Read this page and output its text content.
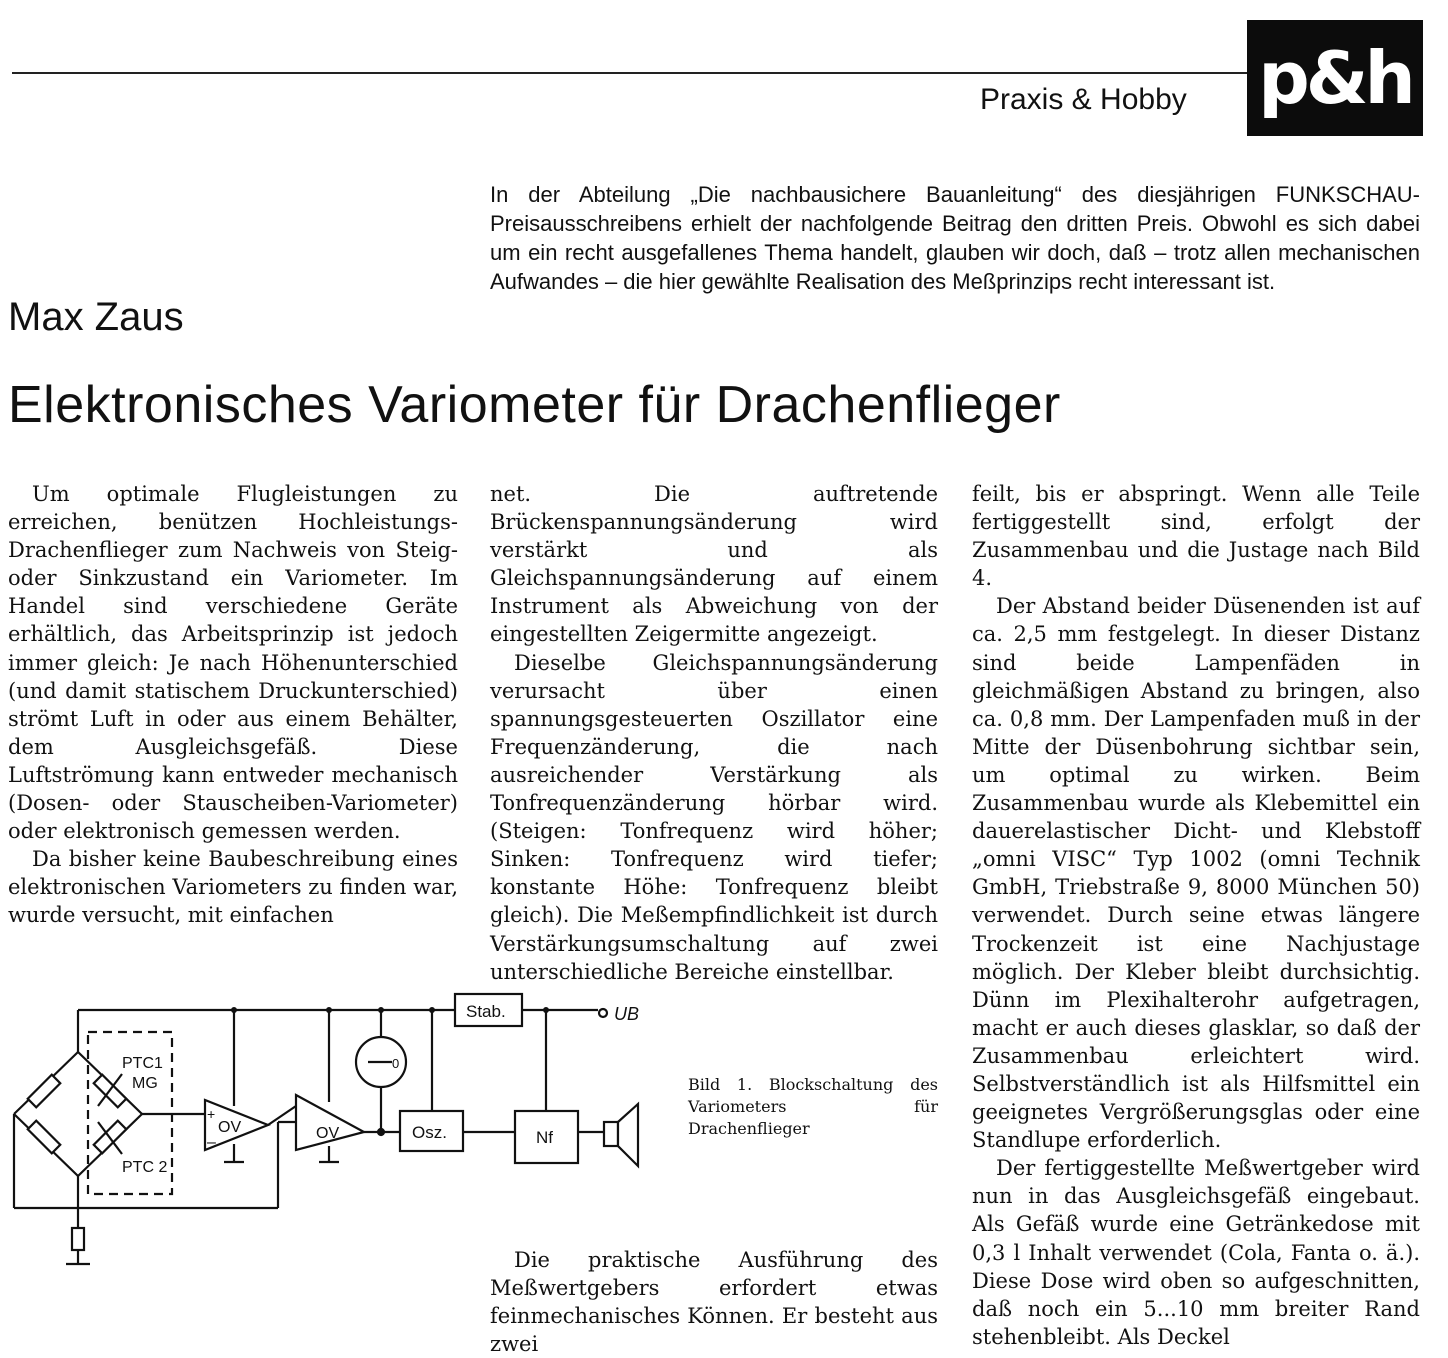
Praxis & Hobby p&h
In der Abteilung „Die nachbausichere Bauanleitung“ des diesjährigen FUNKSCHAU-Preisausschreibens erhielt der nachfolgende Beitrag den dritten Preis. Obwohl es sich dabei um ein recht ausgefallenes Thema handelt, glauben wir doch, daß – trotz allen mechanischen Aufwandes – die hier gewählte Realisation des Meßprinzips recht interessant ist.
Max Zaus
Elektronisches Variometer für Drachenflieger

Um optimale Flugleistungen zu erreichen, benützen Hochleistungs-Drachenflieger zum Nachweis von Steig- oder Sinkzustand ein Variometer. Im Handel sind verschiedene Geräte erhältlich, das Arbeitsprinzip ist jedoch immer gleich: Je nach Höhenunterschied (und damit statischem Druckunterschied) strömt Luft in oder aus einem Behälter, dem Ausgleichsgefäß. Diese Luftströmung kann entweder mechanisch (Dosen- oder Stauscheiben-Variometer) oder elektronisch gemessen werden.

Da bisher keine Baubeschreibung eines elektronischen Variometers zu finden war, wurde versucht, mit einfachen

net. Die auftretende Brückenspannungsänderung wird verstärkt und als Gleichspannungsänderung auf einem Instrument als Abweichung von der eingestellten Zeigermitte angezeigt.

Dieselbe Gleichspannungsänderung verursacht über einen spannungsgesteuerten Oszillator eine Frequenzänderung, die nach ausreichender Verstärkung als Tonfrequenzänderung hörbar wird. (Steigen: Tonfrequenz wird höher; Sinken: Tonfrequenz wird tiefer; konstante Höhe: Tonfrequenz bleibt gleich). Die Meßempfindlichkeit ist durch Verstärkungsumschaltung auf zwei unterschiedliche Bereiche einstellbar.

Die praktische Ausführung des Meßwertgebers erfordert etwas feinmechanisches Können. Er besteht aus zwei

feilt, bis er abspringt. Wenn alle Teile fertiggestellt sind, erfolgt der Zusammenbau und die Justage nach Bild 4.

Der Abstand beider Düsenenden ist auf ca. 2,5 mm festgelegt. In dieser Distanz sind beide Lampenfäden in gleichmäßigen Abstand zu bringen, also ca. 0,8 mm. Der Lampenfaden muß in der Mitte der Düsenbohrung sichtbar sein, um optimal zu wirken. Beim Zusammenbau wurde als Klebemittel ein dauerelastischer Dicht- und Klebstoff „omni VISC“ Typ 1002 (omni Technik GmbH, Triebstraße 9, 8000 München 50) verwendet. Durch seine etwas längere Trockenzeit ist eine Nachjustage möglich. Der Kleber bleibt durchsichtig. Dünn im Plexihalterohr aufgetragen, macht er auch dieses glasklar, so daß der Zusammenbau erleichtert wird. Selbstverständlich ist als Hilfsmittel ein geeignetes Vergrößerungsglas oder eine Standlupe erforderlich.

Der fertiggestellte Meßwertgeber wird nun in das Ausgleichsgefäß eingebaut. Als Gefäß wurde eine Getränkedose mit 0,3 l Inhalt verwendet (Cola, Fanta o. ä.). Diese Dose wird oben so aufgeschnitten, daß noch ein 5...10 mm breiter Rand stehenbleibt. Als Deckel

Bild 1. Blockschaltung des Variometers für Drachenflieger
Stab.	UB
PTC1
MG
PTC 2
OV	OV	Osz.	Nf
+
–
0
